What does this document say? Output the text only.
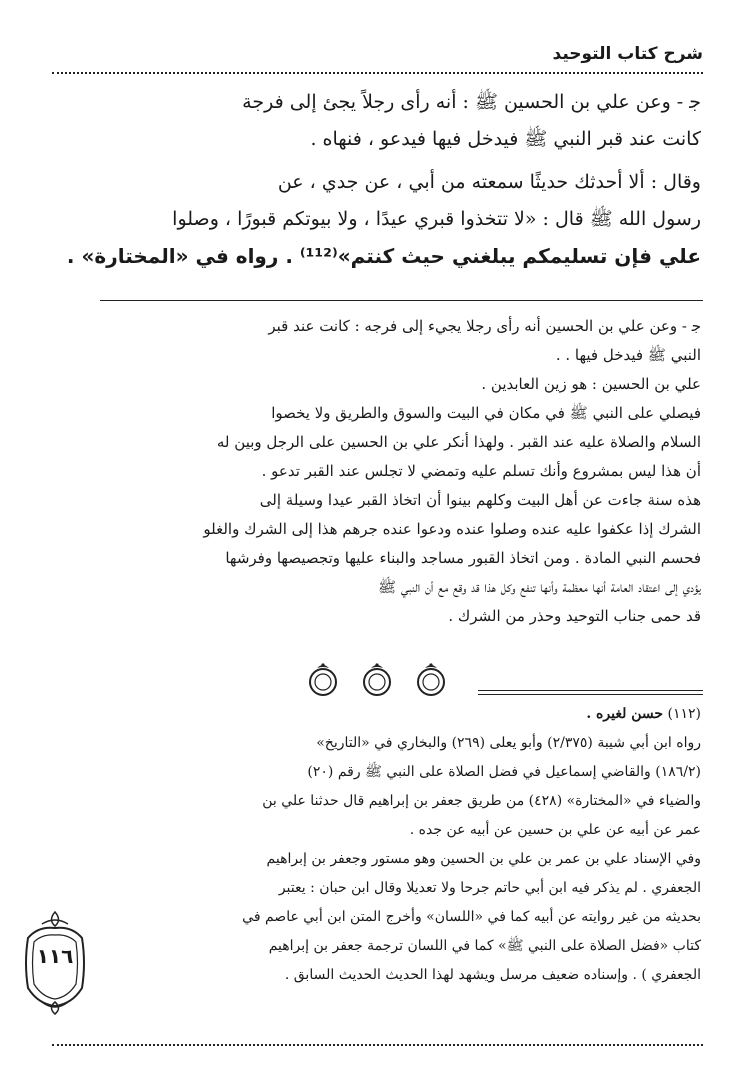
شرح كتاب التوحيد
ﺟ - وعن علي بن الحسين ﷺ : أنه رأى رجلاً يجئ إلى فرجة
كانت عند قبر النبي ﷺ فيدخل فيها فيدعو ، فنهاه .
وقال : ألا أحدثك حديثًا سمعته من أبي ، عن جدي ، عن
رسول الله ﷺ قال : «لا تتخذوا قبري عيدًا ، ولا بيوتكم قبورًا ، وصلوا
علي فإن تسليمكم يبلغني حيث كنتم»⁽¹¹²⁾ . رواه في «المختارة» .
ﺟ - وعن علي بن الحسين أنه رأى رجلا يجيء إلى فرجه : كانت عند قبر
النبي ﷺ فيدخل فيها . .
علي بن الحسين : هو زين العابدين .
فيصلي على النبي ﷺ في مكان في البيت والسوق والطريق ولا يخصوا
السلام والصلاة عليه عند القبر . ولهذا أنكر علي بن الحسين على الرجل وبين له
أن هذا ليس بمشروع وأنك تسلم عليه وتمضي لا تجلس عند القبر تدعو .
هذه سنة جاءت عن أهل البيت وكلهم بينوا أن اتخاذ القبر عيدا وسيلة إلى
الشرك إذا عكفوا عليه عنده وصلوا عنده ودعوا عنده جرهم هذا إلى الشرك والغلو
فحسم النبي المادة . ومن اتخاذ القبور مساجد والبناء عليها وتجصيصها وفرشها
يؤدي إلى اعتقاد العامة أنها معظمة وأنها تنفع وكل هذا قد وقع مع أن النبي ﷺ
قد حمى جناب التوحيد وحذر من الشرك .
(١١٢) حسن لغيره .
رواه ابن أبي شيبة (٢/٣٧٥) وأبو يعلى (٢٦٩) والبخاري في «التاريخ»
(١٨٦/٢) والقاضي إسماعيل في فضل الصلاة على النبي ﷺ رقم (٢٠)
والضياء في «المختارة» (٤٢٨) من طريق جعفر بن إبراهيم قال حدثنا علي بن
عمر عن أبيه عن علي بن حسين عن أبيه عن جده .
وفي الإسناد علي بن عمر بن علي بن الحسين وهو مستور وجعفر بن إبراهيم
الجعفري . لم يذكر فيه ابن أبي حاتم جرحا ولا تعديلا وقال ابن حبان : يعتبر
بحديثه من غير روايته عن أبيه كما في «اللسان» وأخرج المتن ابن أبي عاصم في
كتاب «فضل الصلاة على النبي ﷺ» كما في اللسان ترجمة جعفر بن إبراهيم
الجعفري ) . وإسناده ضعيف مرسل ويشهد لهذا الحديث الحديث السابق .
١١٦
